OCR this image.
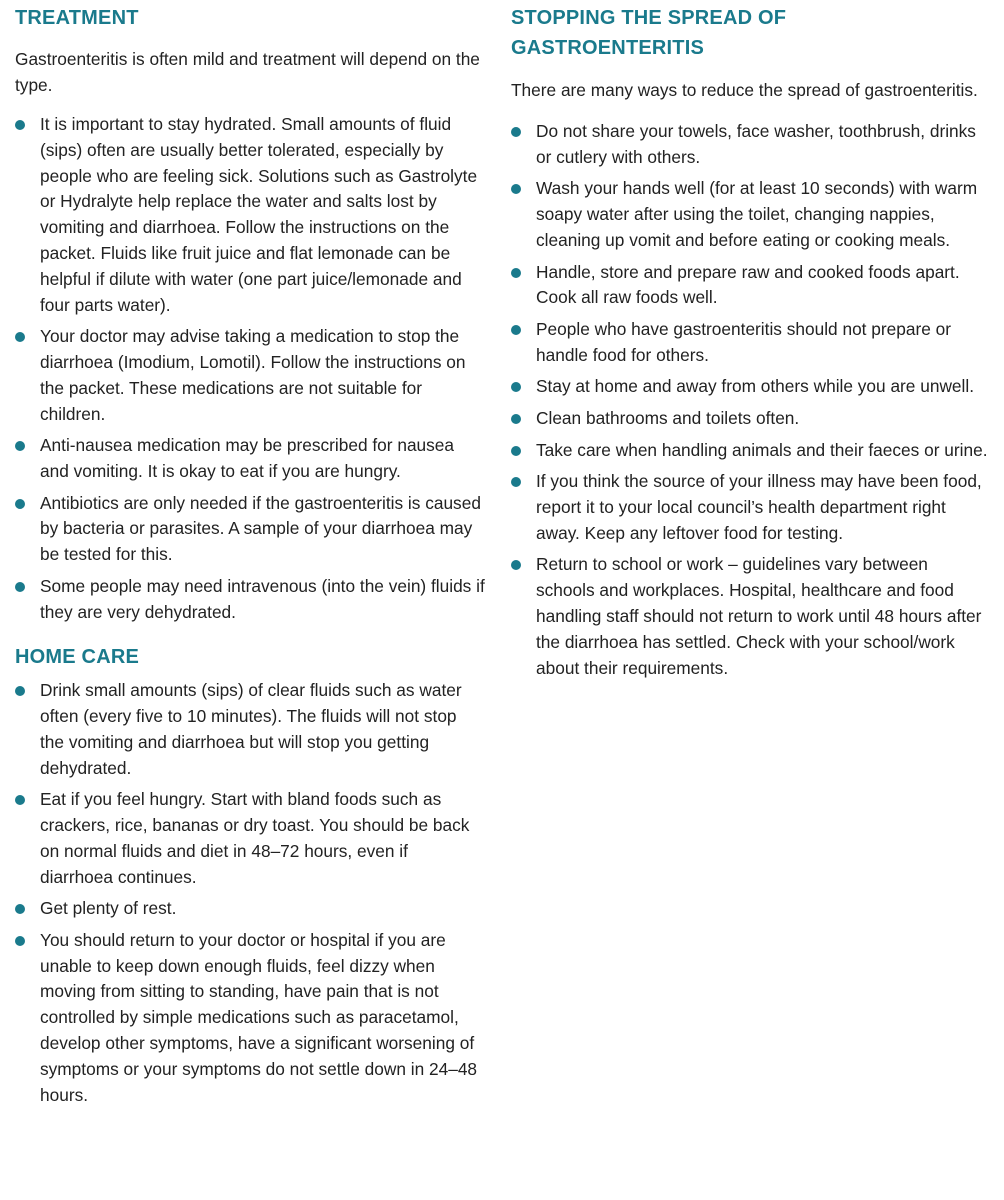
TREATMENT

Gastroenteritis is often mild and treatment will depend on the type.

It is important to stay hydrated. Small amounts of fluid (sips) often are usually better tolerated, especially by people who are feeling sick. Solutions such as Gastrolyte or Hydralyte help replace the water and salts lost by vomiting and diarrhoea. Follow the instructions on the packet. Fluids like fruit juice and flat lemonade can be helpful if dilute with water (one part juice/lemonade and four parts water).
Your doctor may advise taking a medication to stop the diarrhoea (Imodium, Lomotil). Follow the instructions on the packet. These medications are not suitable for children.
Anti-nausea medication may be prescribed for nausea and vomiting. It is okay to eat if you are hungry.
Antibiotics are only needed if the gastroenteritis is caused by bacteria or parasites. A sample of your diarrhoea may be tested for this.
Some people may need intravenous (into the vein) fluids if they are very dehydrated.
HOME CARE
Drink small amounts (sips) of clear fluids such as water often (every five to 10 minutes). The fluids will not stop the vomiting and diarrhoea but will stop you getting dehydrated.
Eat if you feel hungry. Start with bland foods such as crackers, rice, bananas or dry toast. You should be back on normal fluids and diet in 48–72 hours, even if diarrhoea continues.
Get plenty of rest.
You should return to your doctor or hospital if you are unable to keep down enough fluids, feel dizzy when moving from sitting to standing, have pain that is not controlled by simple medications such as paracetamol, develop other symptoms, have a significant worsening of symptoms or your symptoms do not settle down in 24–48 hours.
STOPPING THE SPREAD OF
GASTROENTERITIS

There are many ways to reduce the spread of gastroenteritis.

Do not share your towels, face washer, toothbrush, drinks or cutlery with others.
Wash your hands well (for at least 10 seconds) with warm soapy water after using the toilet, changing nappies, cleaning up vomit and before eating or cooking meals.
Handle, store and prepare raw and cooked foods apart. Cook all raw foods well.
People who have gastroenteritis should not prepare or handle food for others.
Stay at home and away from others while you are unwell.
Clean bathrooms and toilets often.
Take care when handling animals and their faeces or urine.
If you think the source of your illness may have been food, report it to your local council’s health department right away. Keep any leftover food for testing.
Return to school or work – guidelines vary between schools and workplaces. Hospital, healthcare and food handling staff should not return to work until 48 hours after the diarrhoea has settled. Check with your school/work about their requirements.
